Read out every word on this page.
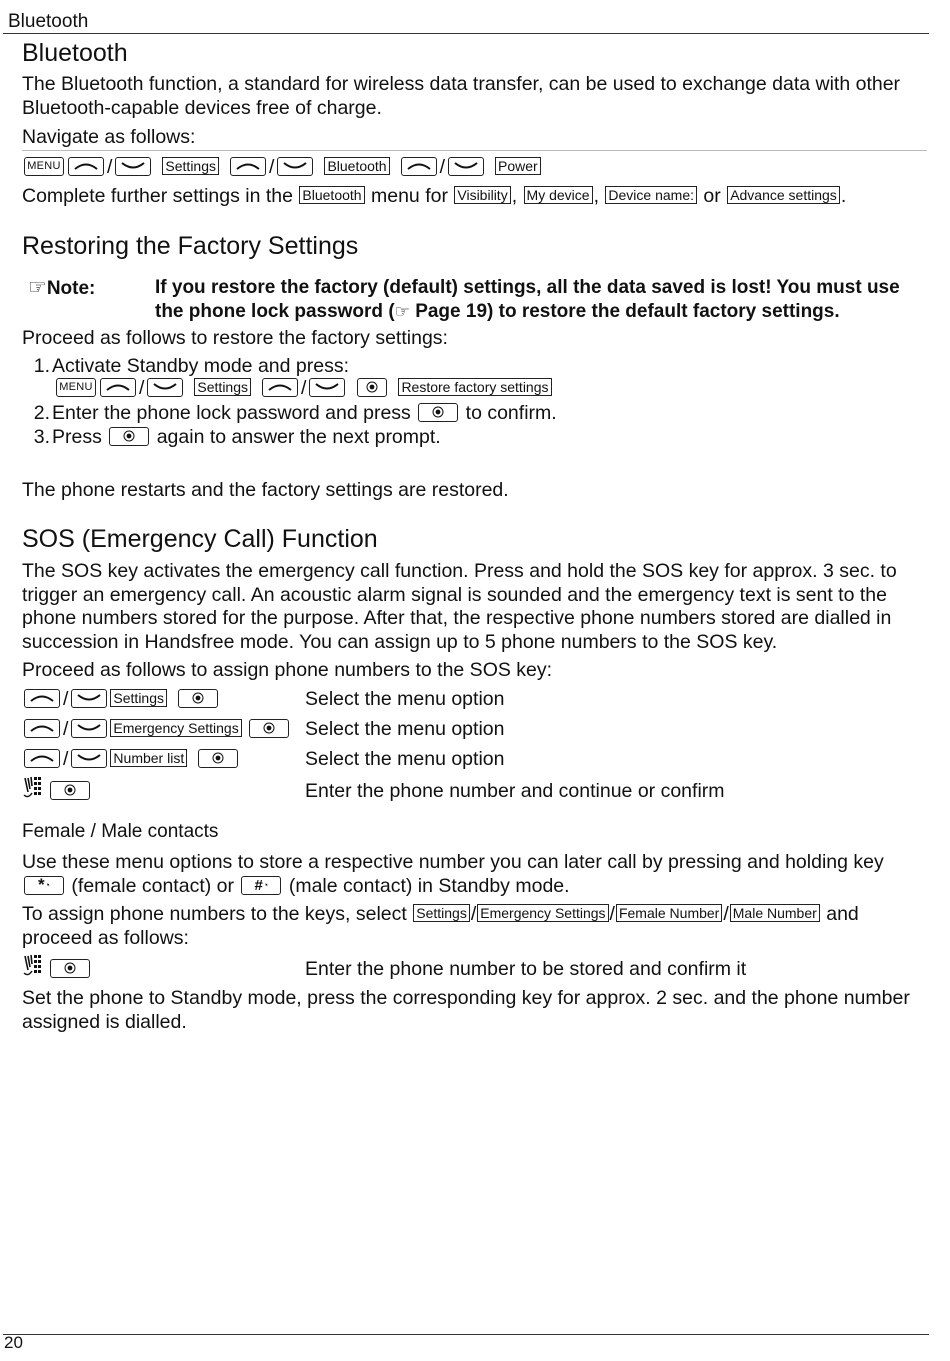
Bluetooth
Bluetooth

The Bluetooth function, a standard for wireless data transfer, can be used to exchange data with other Bluetooth-capable devices free of charge.

Navigate as follows:

MENU /	Settings	/	Bluetooth	/	Power
Complete further settings in the
Bluetooth
menu for
Visibility , My device , Device name:
or
Advance settings .
Restoring the Factory Settings
☞Note:	If you restore the factory (default) settings, all the data saved is lost! You must use the phone lock password (☞ Page 19) to restore the default factory settings.

Proceed as follows to restore the factory settings:

1. Activate Standby mode and press:
MENU /	Settings	/	Restore factory settings
2. Enter the phone lock password and press

	to confirm.
3. Press

	again to answer the next prompt.

The phone restarts and the factory settings are restored.

SOS (Emergency Call) Function

The SOS key activates the emergency call function. Press and hold the SOS key for approx. 3 sec. to trigger an emergency call. An acoustic alarm signal is sounded and the emergency text is sent to the phone numbers stored for the purpose. After that, the respective phone numbers stored are dialled in succession in Handsfree mode. You can assign up to 5 phone numbers to the SOS key.

Proceed as follows to assign phone numbers to the SOS key:

/	Settings	Select the menu option
/	Emergency Settings	Select the menu option
/	Number list	Select the menu option
Enter the phone number and continue or confirm
Female / Male contacts
Use these menu options to store a respective number you can later call by pressing and holding key
* ◔
(female contact) or
# ◔
(male contact) in Standby mode.
To assign phone numbers to the keys, select
Settings / Emergency Settings / Female Number / Male Number
and
proceed as follows:
Enter the phone number to be stored and confirm it

Set the phone to Standby mode, press the corresponding key for approx. 2 sec. and the phone number assigned is dialled.

20
